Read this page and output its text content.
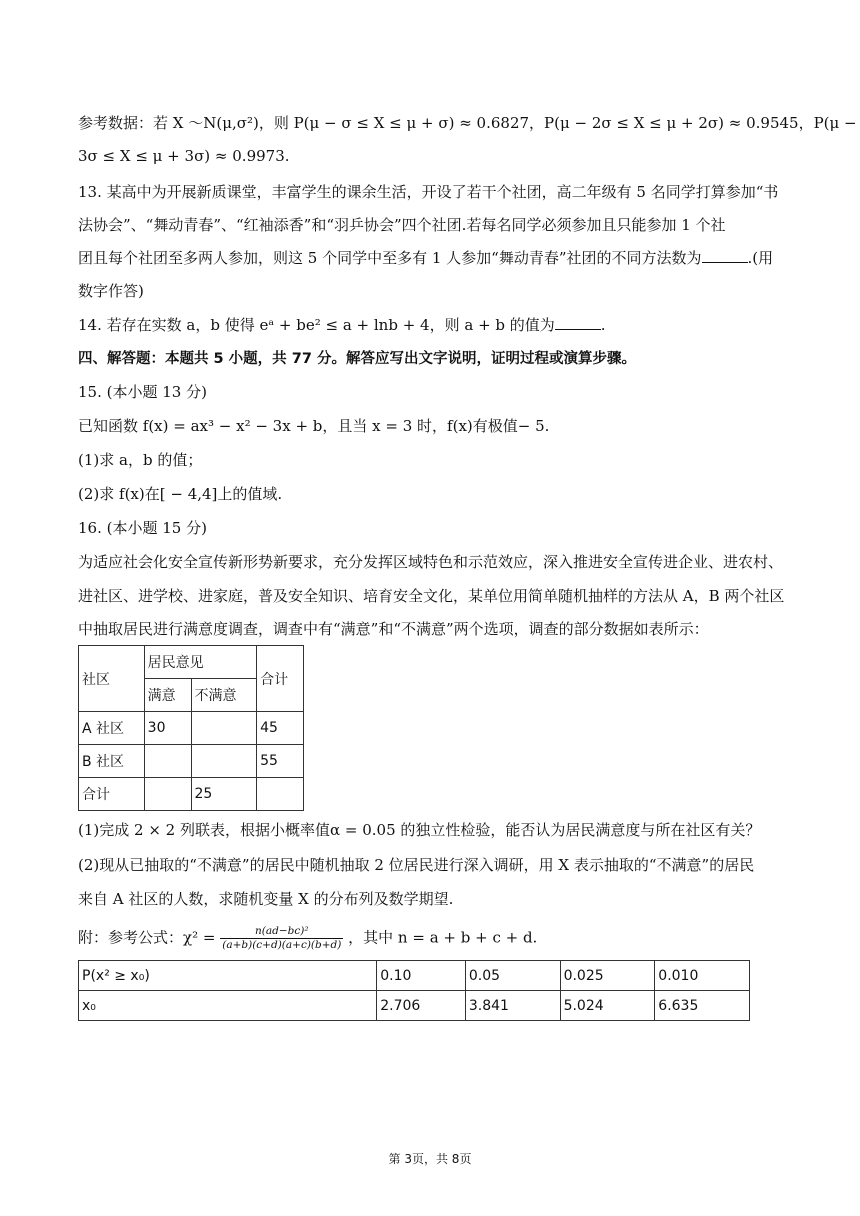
参考数据：若 X ～N(μ,σ²)，则 P(μ − σ ≤ X ≤ μ + σ) ≈ 0.6827，P(μ − 2σ ≤ X ≤ μ + 2σ) ≈ 0.9545，P(μ −
3σ ≤ X ≤ μ + 3σ) ≈ 0.9973.
13. 某高中为开展新质课堂，丰富学生的课余生活，开设了若干个社团，高二年级有 5 名同学打算参加“书
法协会”、“舞动青春”、“红袖添香”和“羽乒协会”四个社团.若每名同学必须参加且只能参加 1 个社
团且每个社团至多两人参加，则这 5 个同学中至多有 1 人参加“舞动青春”社团的不同方法数为	.(用
数字作答)
14. 若存在实数 a，b 使得 eᵃ + be² ≤ a + lnb + 4，则 a + b 的值为	.
四、解答题：本题共 5 小题，共 77 分。解答应写出文字说明，证明过程或演算步骤。
15. (本小题 13 分)
已知函数 f(x) = ax³ − x² − 3x + b，且当 x = 3 时，f(x)有极值− 5.
(1)求 a，b 的值；
(2)求 f(x)在[ − 4,4]上的值域.
16. (本小题 15 分)
为适应社会化安全宣传新形势新要求，充分发挥区域特色和示范效应，深入推进安全宣传进企业、进农村、
进社区、进学校、进家庭，普及安全知识、培育安全文化，某单位用简单随机抽样的方法从 A，B 两个社区
中抽取居民进行满意度调查，调查中有“满意”和“不满意”两个选项，调查的部分数据如表所示：
社区	居民意见		合计
	满意	不满意	
A 社区	30		45
B 社区			55
合计		25	
(1)完成 2 × 2 列联表，根据小概率值α = 0.05 的独立性检验，能否认为居民满意度与所在社区有关？
(2)现从已抽取的“不满意”的居民中随机抽取 2 位居民进行深入调研，用 X 表示抽取的“不满意”的居民
来自 A 社区的人数，求随机变量 X 的分布列及数学期望.
附：参考公式：$\chi^2 = \frac{\text{n(ad−bc)²}}{(a+b)(c+d)(a+c)(b+d)}$ ，其中 n = a + b + c + d.
P(x² ≥ x₀)	0.10	0.05	0.025	0.010
x₀	2.706	3.841	5.024	6.635
第 3页，共 8页
